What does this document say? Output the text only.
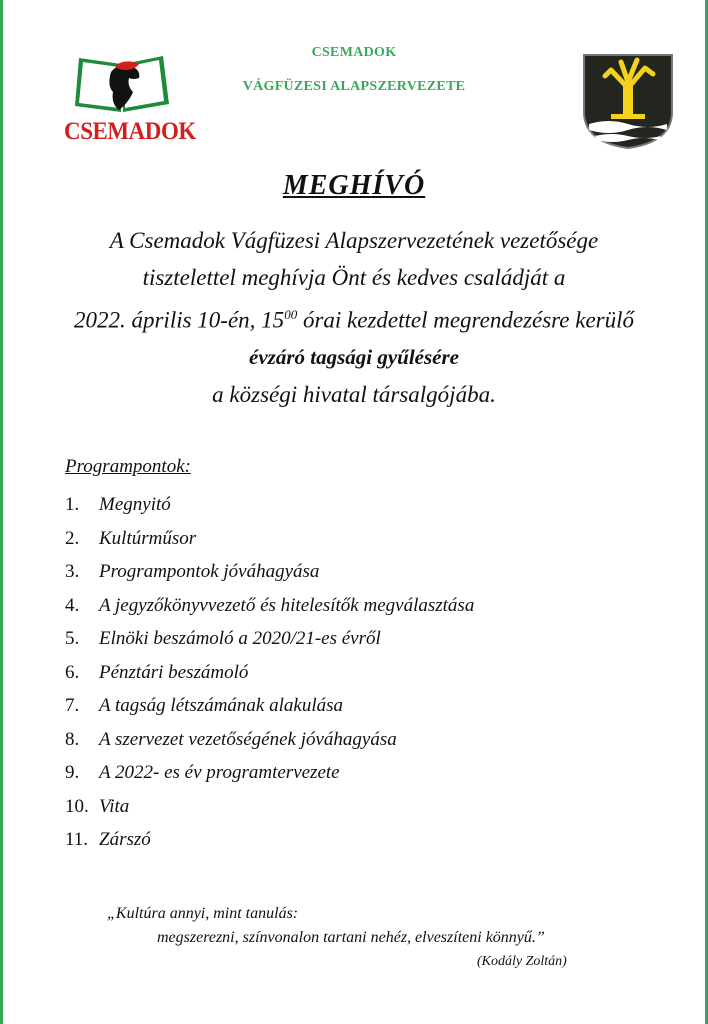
CSEMADOK
CSEMADOK
VÁGFÜZESI ALAPSZERVEZETE
MEGHÍVÓ
A Csemadok Vágfüzesi Alapszervezetének vezetősége
tisztelettel meghívja Önt és kedves családját a
2022. április 10-én, $15^{00}$ órai kezdettel megrendezésre kerülő
évzáró tagsági gyűlésére
a községi hivatal társalgójába.
Programpontok:
1. Megnyitó
2. Kultúrműsor
3. Programpontok jóváhagyása
4. A jegyzőkönyvvezető és hitelesítők megválasztása
5. Elnöki beszámoló a 2020/21-es évről
6. Pénztári beszámoló
7. A tagság létszámának alakulása
8. A szervezet vezetőségének jóváhagyása
9. A 2022- es év programtervezete
10. Vita
11. Zárszó
„Kultúra annyi, mint tanulás:
megszerezni, színvonalon tartani nehéz, elveszíteni könnyű.”
(Kodály Zoltán)
